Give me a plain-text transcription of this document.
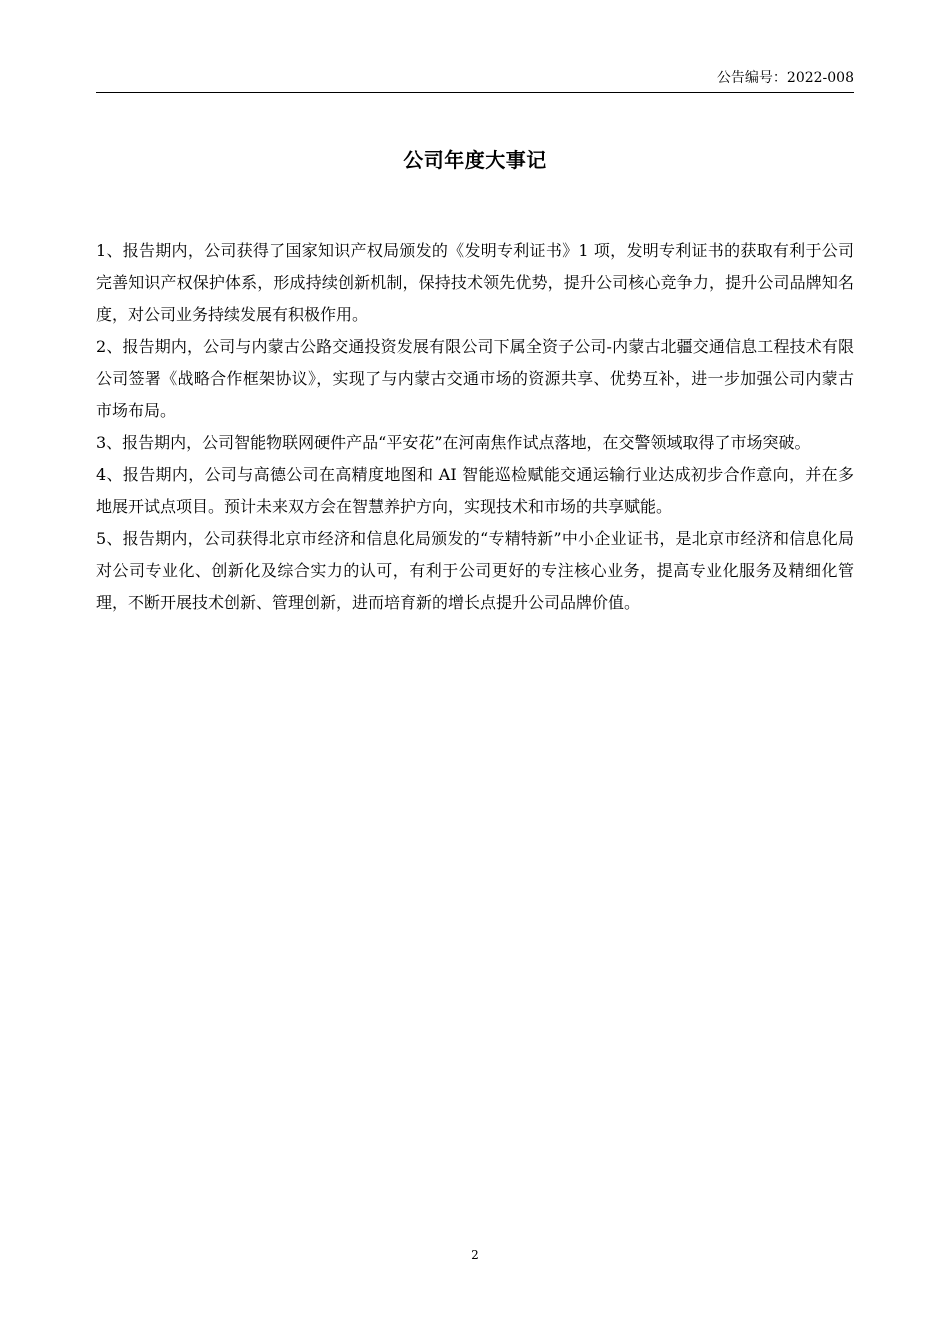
公告编号：2022-008
公司年度大事记

1、报告期内，公司获得了国家知识产权局颁发的《发明专利证书》1 项，发明专利证书的获取有利于公司完善知识产权保护体系，形成持续创新机制，保持技术领先优势，提升公司核心竞争力，提升公司品牌知名度，对公司业务持续发展有积极作用。

2、报告期内，公司与内蒙古公路交通投资发展有限公司下属全资子公司-内蒙古北疆交通信息工程技术有限公司签署《战略合作框架协议》，实现了与内蒙古交通市场的资源共享、优势互补，进一步加强公司内蒙古市场布局。

3、报告期内，公司智能物联网硬件产品“平安花”在河南焦作试点落地，在交警领域取得了市场突破。

4、报告期内，公司与高德公司在高精度地图和 AI 智能巡检赋能交通运输行业达成初步合作意向，并在多地展开试点项目。预计未来双方会在智慧养护方向，实现技术和市场的共享赋能。

5、报告期内，公司获得北京市经济和信息化局颁发的“专精特新”中小企业证书，是北京市经济和信息化局对公司专业化、创新化及综合实力的认可，有利于公司更好的专注核心业务，提高专业化服务及精细化管理，不断开展技术创新、管理创新，进而培育新的增长点提升公司品牌价值。

2
